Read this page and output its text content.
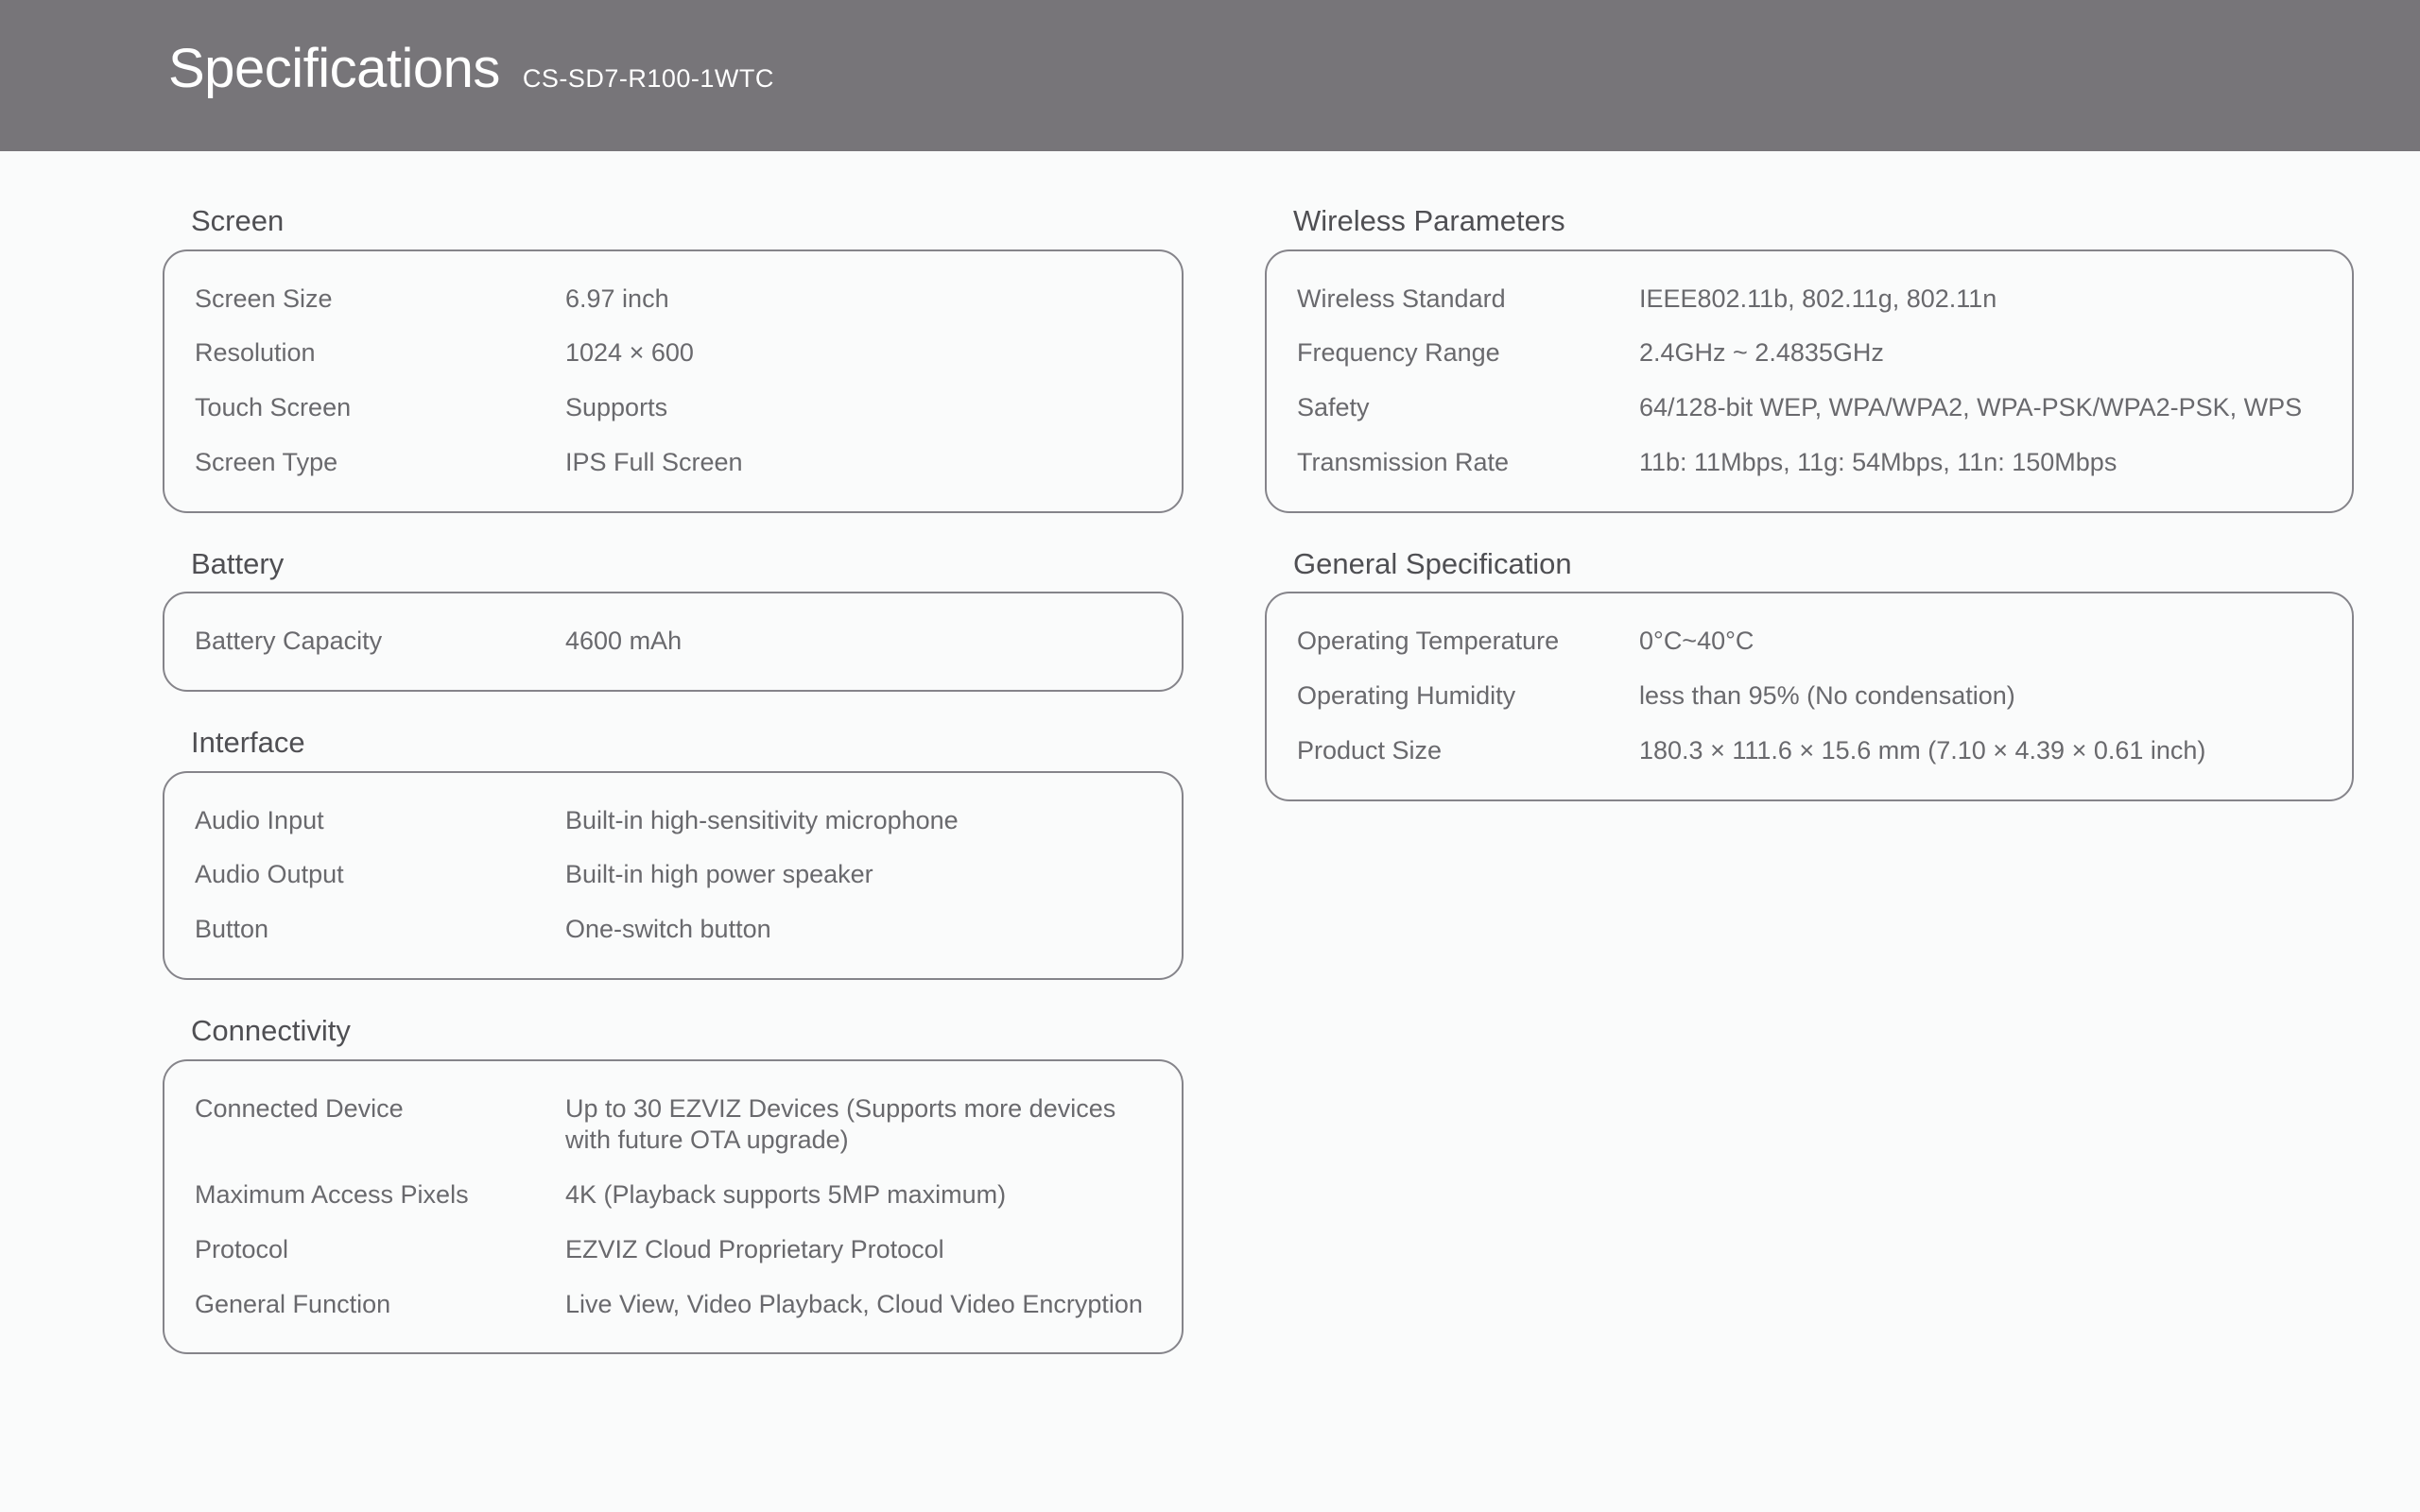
Specifications CS-SD7-R100-1WTC
Screen
Screen Size	6.97 inch
Resolution	1024 × 600
Touch Screen	Supports
Screen Type	IPS Full Screen
Battery
Battery Capacity	4600 mAh
Interface
Audio Input	Built-in high-sensitivity microphone
Audio Output	Built-in high power speaker
Button	One-switch button
Connectivity
Connected Device	Up to 30 EZVIZ Devices (Supports more devices with future OTA upgrade)
Maximum Access Pixels	4K (Playback supports 5MP maximum)
Protocol	EZVIZ Cloud Proprietary Protocol
General Function	Live View, Video Playback, Cloud Video Encryption
Wireless Parameters
Wireless Standard	IEEE802.11b, 802.11g, 802.11n
Frequency Range	2.4GHz ~ 2.4835GHz
Safety	64/128-bit WEP, WPA/WPA2, WPA-PSK/WPA2-PSK, WPS
Transmission Rate	11b: 11Mbps, 11g: 54Mbps, 11n: 150Mbps
General Specification
Operating Temperature	0°C~40°C
Operating Humidity	less than 95% (No condensation)
Product Size	180.3 × 111.6 × 15.6 mm (7.10 × 4.39 × 0.61 inch)
